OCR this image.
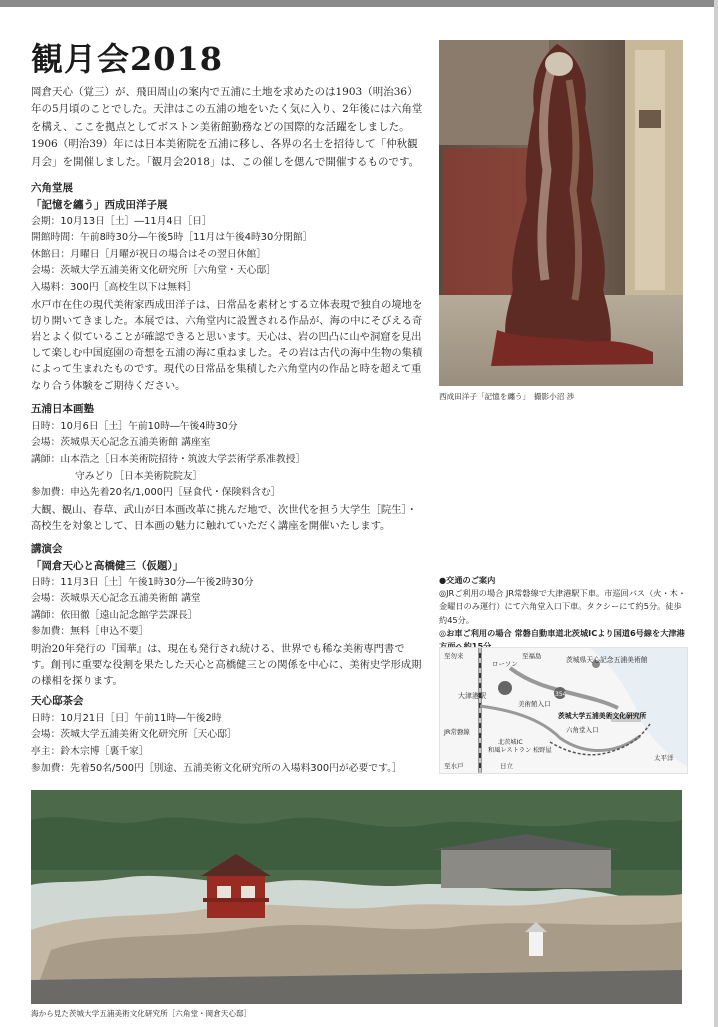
観月会2018
岡倉天心（覚三）が、飛田周山の案内で五浦に土地を求めたのは1903（明治36）年の5月頃のことでした。天津はこの五浦の地をいたく気に入り、2年後には六角堂を構え、ここを拠点としてボストン美術館勤務などの国際的な活躍をしました。1906（明治39）年には日本美術院を五浦に移し、各界の名士を招待して「仲秋観月会」を開催しました。「観月会2018」は、この催しを偲んで開催するものです。
六角堂展
「記憶を纏う」西成田洋子展
会期：10月13日［土］―11月4日［日］
開館時間：午前8時30分―午後5時［11月は午後4時30分閉館］
休館日：月曜日［月曜が祝日の場合はその翌日休館］
会場：茨城大学五浦美術文化研究所［六角堂・天心邸］
入場料：300円［高校生以下は無料］
水戸市在住の現代美術家西成田洋子は、日常品を素材とする立体表現で独自の境地を切り開いてきました。本展では、六角堂内に設置される作品が、海の中にそびえる奇岩とよく似ていることが確認できると思います。天心は、岩の凹凸に山や洞窟を見出して楽しむ中国庭園の奇想を五浦の海に重ねました。その岩は古代の海中生物の集積によって生まれたものです。現代の日常品を集積した六角堂内の作品と時を超えて重なり合う体験をご期待ください。
五浦日本画塾
日時：10月6日［土］午前10時―午後4時30分
会場：茨城県天心記念五浦美術館 講座室
講師：山本浩之［日本美術院招待・筑波大学芸術学系准教授］
守みどり［日本美術院院友］
参加費：申込先着20名/1,000円［昼食代・保険料含む］
大観、観山、春草、武山が日本画改革に挑んだ地で、次世代を担う大学生［院生］・高校生を対象として、日本画の魅力に触れていただく講座を開催いたします。
講演会
「岡倉天心と高橋健三（仮題）」
日時：11月3日［土］午後1時30分―午後2時30分
会場：茨城県天心記念五浦美術館 講堂
講師：依田徹［遠山記念館学芸課長］
参加費：無料［申込不要］
明治20年発行の『国華』は、現在も発行され続ける、世界でも稀な美術専門書です。創刊に重要な役割を果たした天心と高橋健三との関係を中心に、美術史学形成期の様相を探ります。
天心邸茶会
日時：10月21日［日］午前11時―午後2時
会場：茨城大学五浦美術文化研究所［天心邸］
亭主：鈴木宗博［裏千家］
参加費：先着50名/500円［別途、五浦美術文化研究所の入場料300円が必要です。］
西成田洋子「記憶を纏う」　撮影小沼 渉
●交通のご案内
◎JRご利用の場合 JR常磐線で大津港駅下車。市巡回バス（火・木・金曜日のみ運行）にて六角堂入口下車。タクシーにて約5分。徒歩約45分。
◎お車ご利用の場合 常磐自動車道北茨城ICより国道6号線を大津港
大津港駅
JR常磐線
至水戸
至福島
ローソン	茨城県天心記念五浦美術館
美術館入口
六角堂入口
茨城大学五浦美術文化研究所
太平洋
和風レストラン 松野屋
日立
354
至勿来
北茨城IC
海から見た茨城大学五浦美術文化研究所［六角堂・岡倉天心邸］
